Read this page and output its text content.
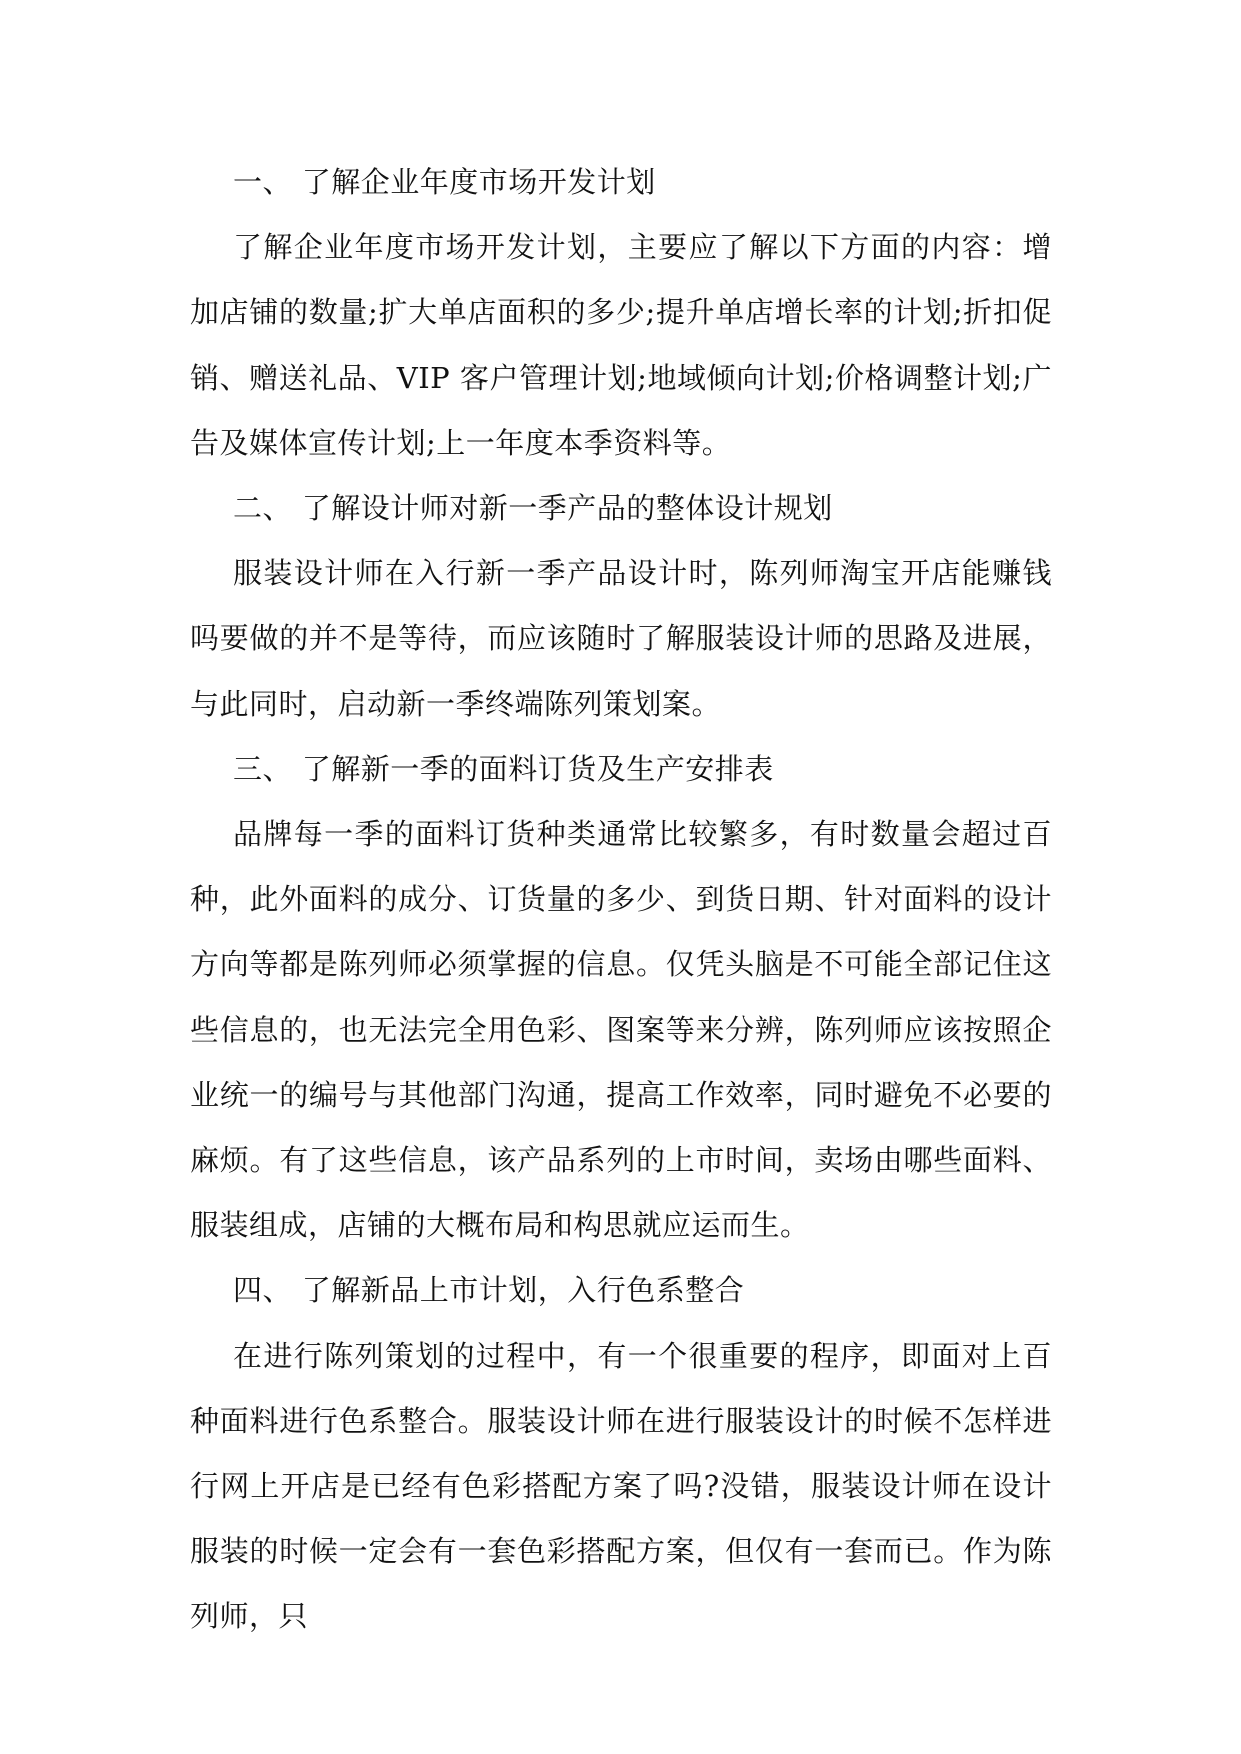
一、 了解企业年度市场开发计划

了解企业年度市场开发计划，主要应了解以下方面的内容：增加店铺的数量;扩大单店面积的多少;提升单店增长率的计划;折扣促销、赠送礼品、VIP 客户管理计划;地域倾向计划;价格调整计划;广告及媒体宣传计划;上一年度本季资料等。

二、 了解设计师对新一季产品的整体设计规划

服装设计师在入行新一季产品设计时，陈列师淘宝开店能赚钱吗要做的并不是等待，而应该随时了解服装设计师的思路及进展，与此同时，启动新一季终端陈列策划案。

三、 了解新一季的面料订货及生产安排表

品牌每一季的面料订货种类通常比较繁多，有时数量会超过百种，此外面料的成分、订货量的多少、到货日期、针对面料的设计方向等都是陈列师必须掌握的信息。仅凭头脑是不可能全部记住这些信息的，也无法完全用色彩、图案等来分辨，陈列师应该按照企业统一的编号与其他部门沟通，提高工作效率，同时避免不必要的麻烦。有了这些信息，该产品系列的上市时间，卖场由哪些面料、服装组成，店铺的大概布局和构思就应运而生。

四、 了解新品上市计划，入行色系整合

在进行陈列策划的过程中，有一个很重要的程序，即面对上百种面料进行色系整合。服装设计师在进行服装设计的时候不怎样进行网上开店是已经有色彩搭配方案了吗?没错，服装设计师在设计服装的时候一定会有一套色彩搭配方案，但仅有一套而已。作为陈列师，只
